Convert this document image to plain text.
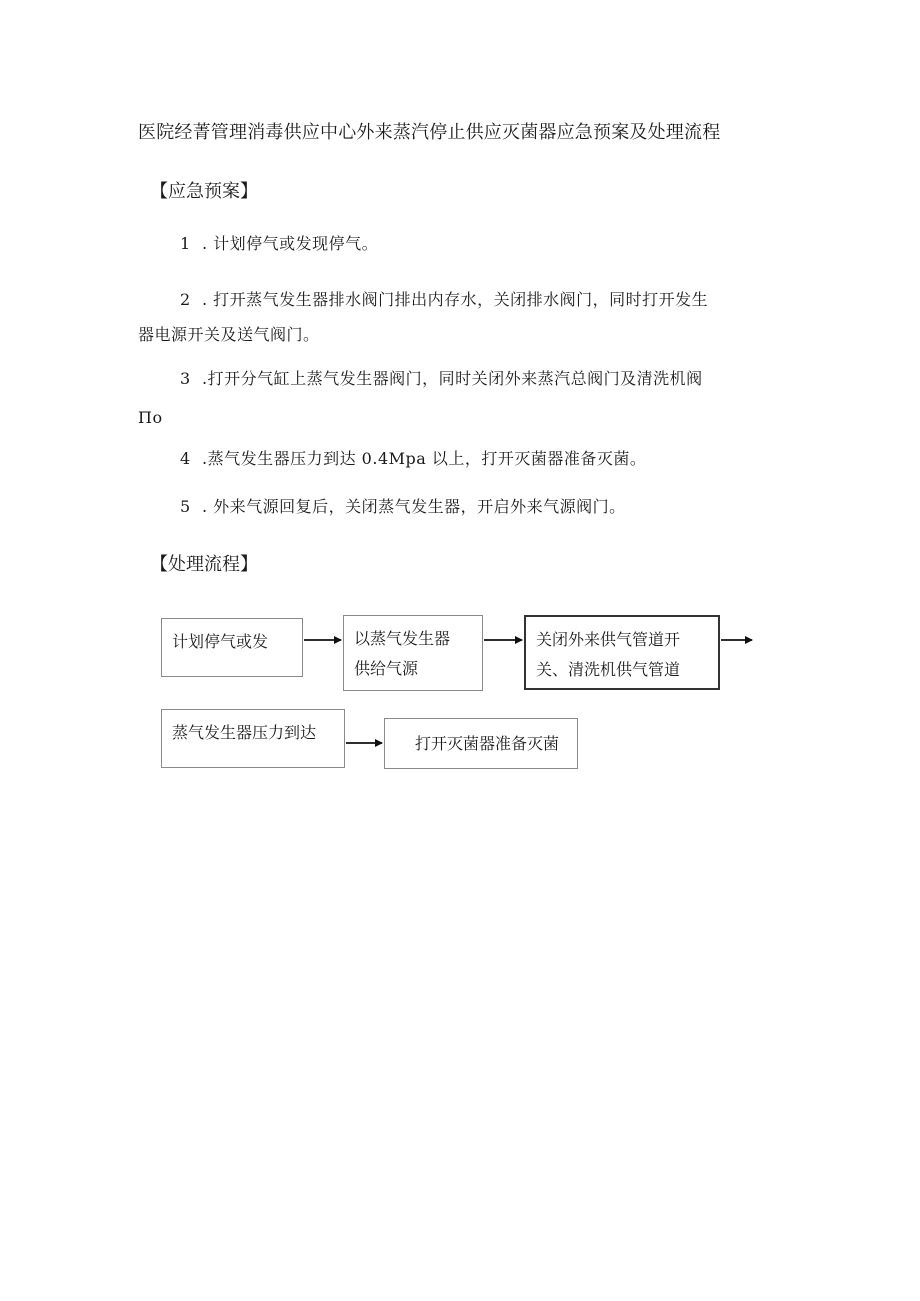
医院经菁管理消毒供应中心外来蒸汽停止供应灭菌器应急预案及处理流程
【应急预案】
1 . 计划停气或发现停气。
2 . 打开蒸气发生器排水阀门排出内存水，关闭排水阀门，同时打开发生
器电源开关及送气阀门。
3 .打开分气缸上蒸气发生器阀门，同时关闭外来蒸汽总阀门及清洗机阀
Πo
4 .蒸气发生器压力到达 0.4Mpa 以上，打开灭菌器准备灭菌。
5 . 外来气源回复后，关闭蒸气发生器，开启外来气源阀门。
【处理流程】
计划停气或发	以蒸气发生器
供给气源
关闭外来供气管道开
关、清洗机供气管道
蒸气发生器压力到达
打开灭菌器准备灭菌
